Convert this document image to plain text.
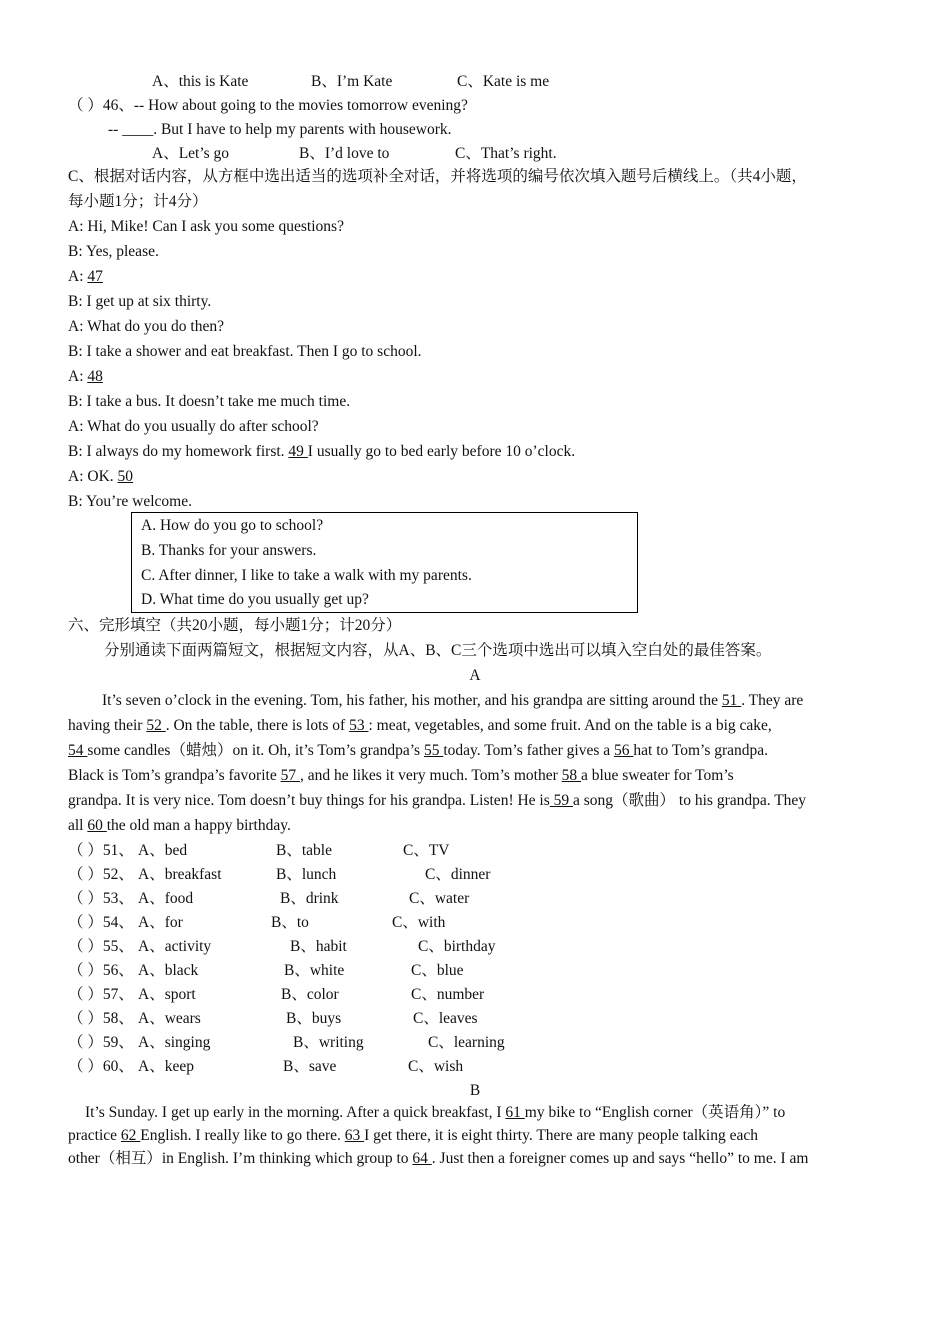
A、this is Kate	B、I’m Kate	C、Kate is me
（ ）46、-- How about going to the movies tomorrow evening?
-- ____. But I have to help my parents with housework.
A、Let’s go	B、I’d love to	C、That’s right.
C、根据对话内容，从方框中选出适当的选项补全对话，并将选项的编号依次填入题号后横线上。（共4小题，
每小题1分；计4分）
A: Hi, Mike! Can I ask you some questions?
B: Yes, please.
A: 47
B: I get up at six thirty.
A: What do you do then?
B: I take a shower and eat breakfast. Then I go to school.
A: 48
B: I take a bus. It doesn’t take me much time.
A: What do you usually do after school?
B: I always do my homework first. 49 I usually go to bed early before 10 o’clock.
A: OK. 50
B: You’re welcome.
A. How do you go to school?
B. Thanks for your answers.
C. After dinner, I like to take a walk with my parents.
D. What time do you usually get up?
六、完形填空（共20小题，每小题1分；计20分）
分别通读下面两篇短文，根据短文内容，从A、B、C三个选项中选出可以填入空白处的最佳答案。
A
It’s seven o’clock in the evening. Tom, his father, his mother, and his grandpa are sitting around the 51 . They are
having their 52 . On the table, there is lots of 53 : meat, vegetables, and some fruit. And on the table is a big cake,
54 some candles（蜡烛）on it. Oh, it’s Tom’s grandpa’s 55 today. Tom’s father gives a 56 hat to Tom’s grandpa.
Black is Tom’s grandpa’s favorite 57 , and he likes it very much. Tom’s mother 58 a blue sweater for Tom’s
grandpa. It is very nice. Tom doesn’t buy things for his grandpa. Listen! He is 59 a song（歌曲） to his grandpa. They
all 60 the old man a happy birthday.
（ ）51、 A、bed	B、table	C、TV
（ ）52、 A、breakfast	B、lunch	C、dinner
（ ）53、 A、food	B、drink	C、water
（ ）54、 A、for	B、to	C、with
（ ）55、 A、activity	B、habit	C、birthday
（ ）56、 A、black	B、white	C、blue
（ ）57、 A、sport	B、color	C、number
（ ）58、 A、wears	B、buys	C、leaves
（ ）59、 A、singing	B、writing	C、learning
（ ）60、 A、keep	B、save	C、wish
B
It’s Sunday. I get up early in the morning. After a quick breakfast, I 61 my bike to “English corner（英语角）” to
practice 62 English. I really like to go there. 63 I get there, it is eight thirty. There are many people talking each
other（相互）in English. I’m thinking which group to 64 . Just then a foreigner comes up and says “hello” to me. I am
